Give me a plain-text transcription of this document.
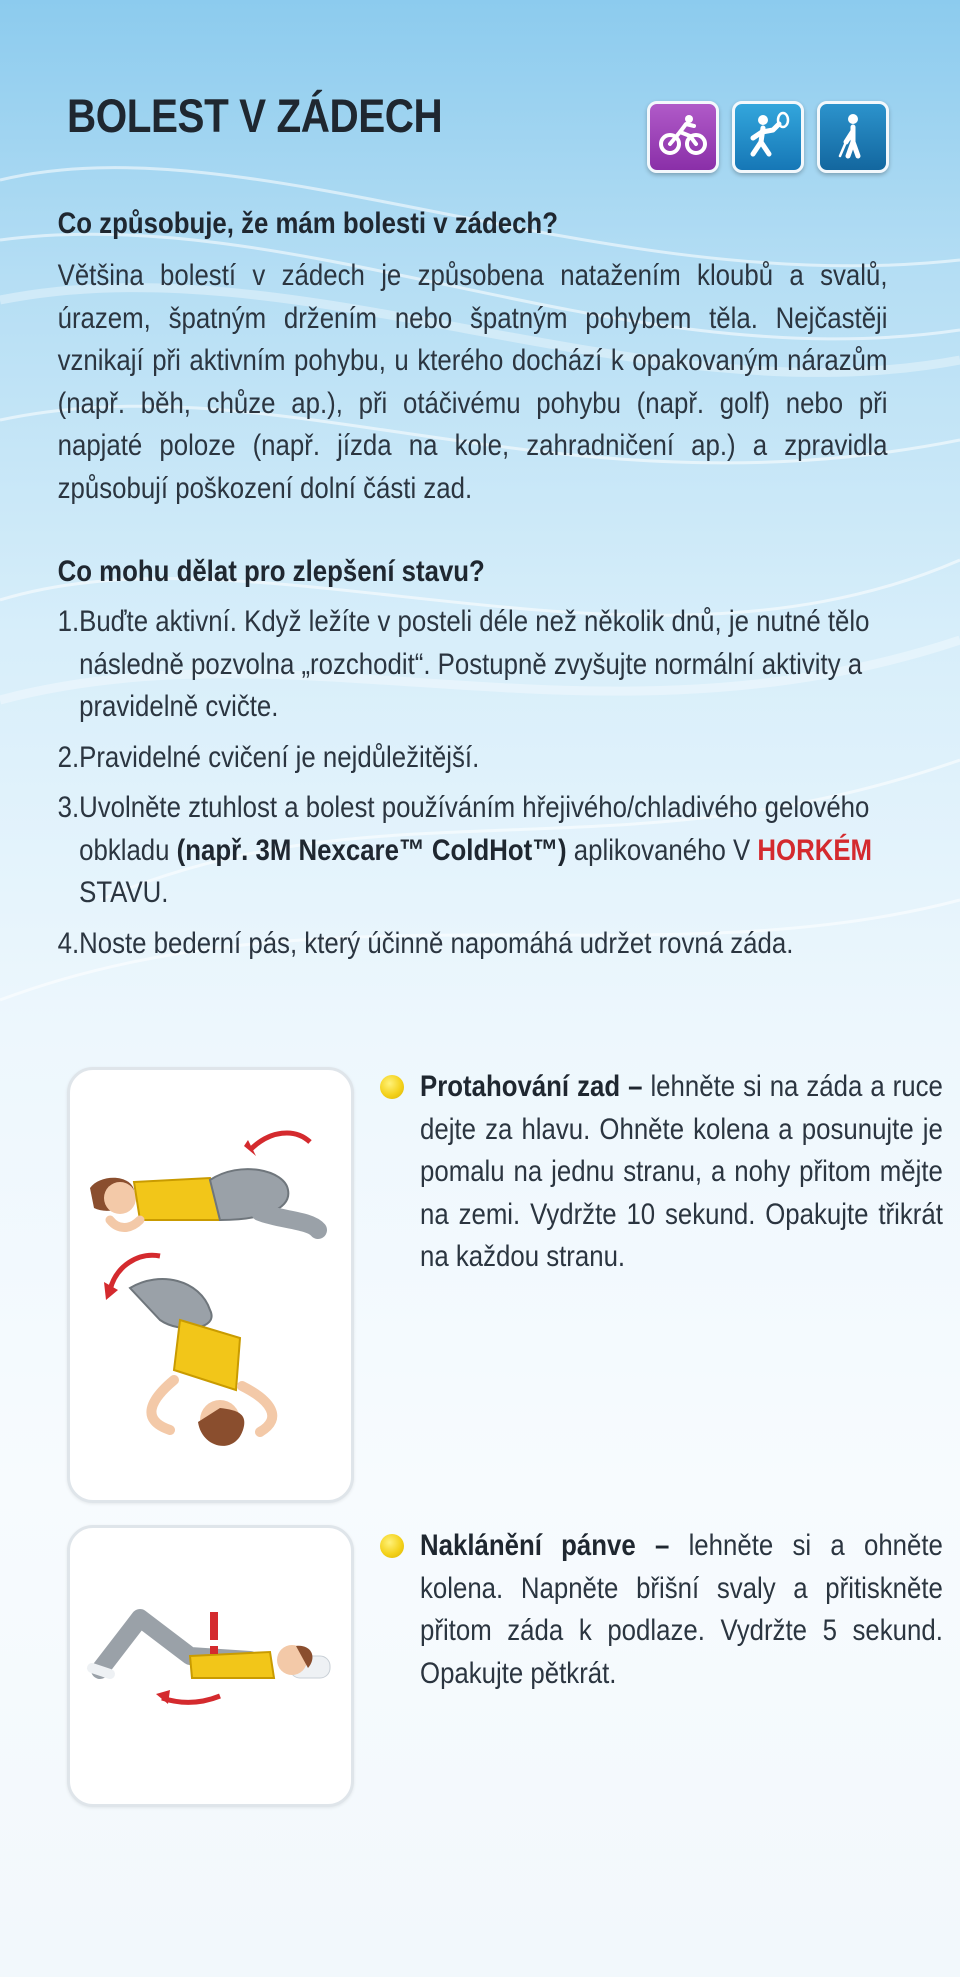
BOLEST V ZÁDECH

Co způsobuje, že mám bolesti v zádech?

Většina bolestí v zádech je způsobena natažením kloubů a svalů, úrazem, špatným držením nebo špatným pohybem těla. Nejčastěji vznikají při aktivním pohybu, u kterého dochází k opakovaným nárazům (např. běh, chůze ap.), při otáčivému pohybu (např. golf) nebo při napjaté poloze (např. jízda na kole, zahradničení ap.) a zpravidla způsobují poškození dolní části zad.

Co mohu dělat pro zlepšení stavu?

1. Buďte aktivní. Když ležíte v posteli déle než několik dnů, je nutné tělo následně pozvolna „rozchodit“. Postupně zvyšujte normální aktivity a pravidelně cvičte.
2. Pravidelné cvičení je nejdůležitější.
3. Uvolněte ztuhlost a bolest používáním hřejivého/chladivého gelového obkladu (např. 3M Nexcare™ ColdHot™) aplikovaného V HORKÉM STAVU.
4. Noste bederní pás, který účinně napomáhá udržet rovná záda.

Protahování zad – lehněte si na záda a ruce dejte za hlavu. Ohněte kolena a posunujte je pomalu na jednu stranu, a nohy přitom mějte na zemi. Vydržte 10 sekund. Opakujte třikrát na každou stranu.

Naklánění pánve – lehněte si a ohněte kolena. Napněte břišní svaly a přitiskněte přitom záda k podlaze. Vydržte 5 sekund. Opakujte pětkrát.
